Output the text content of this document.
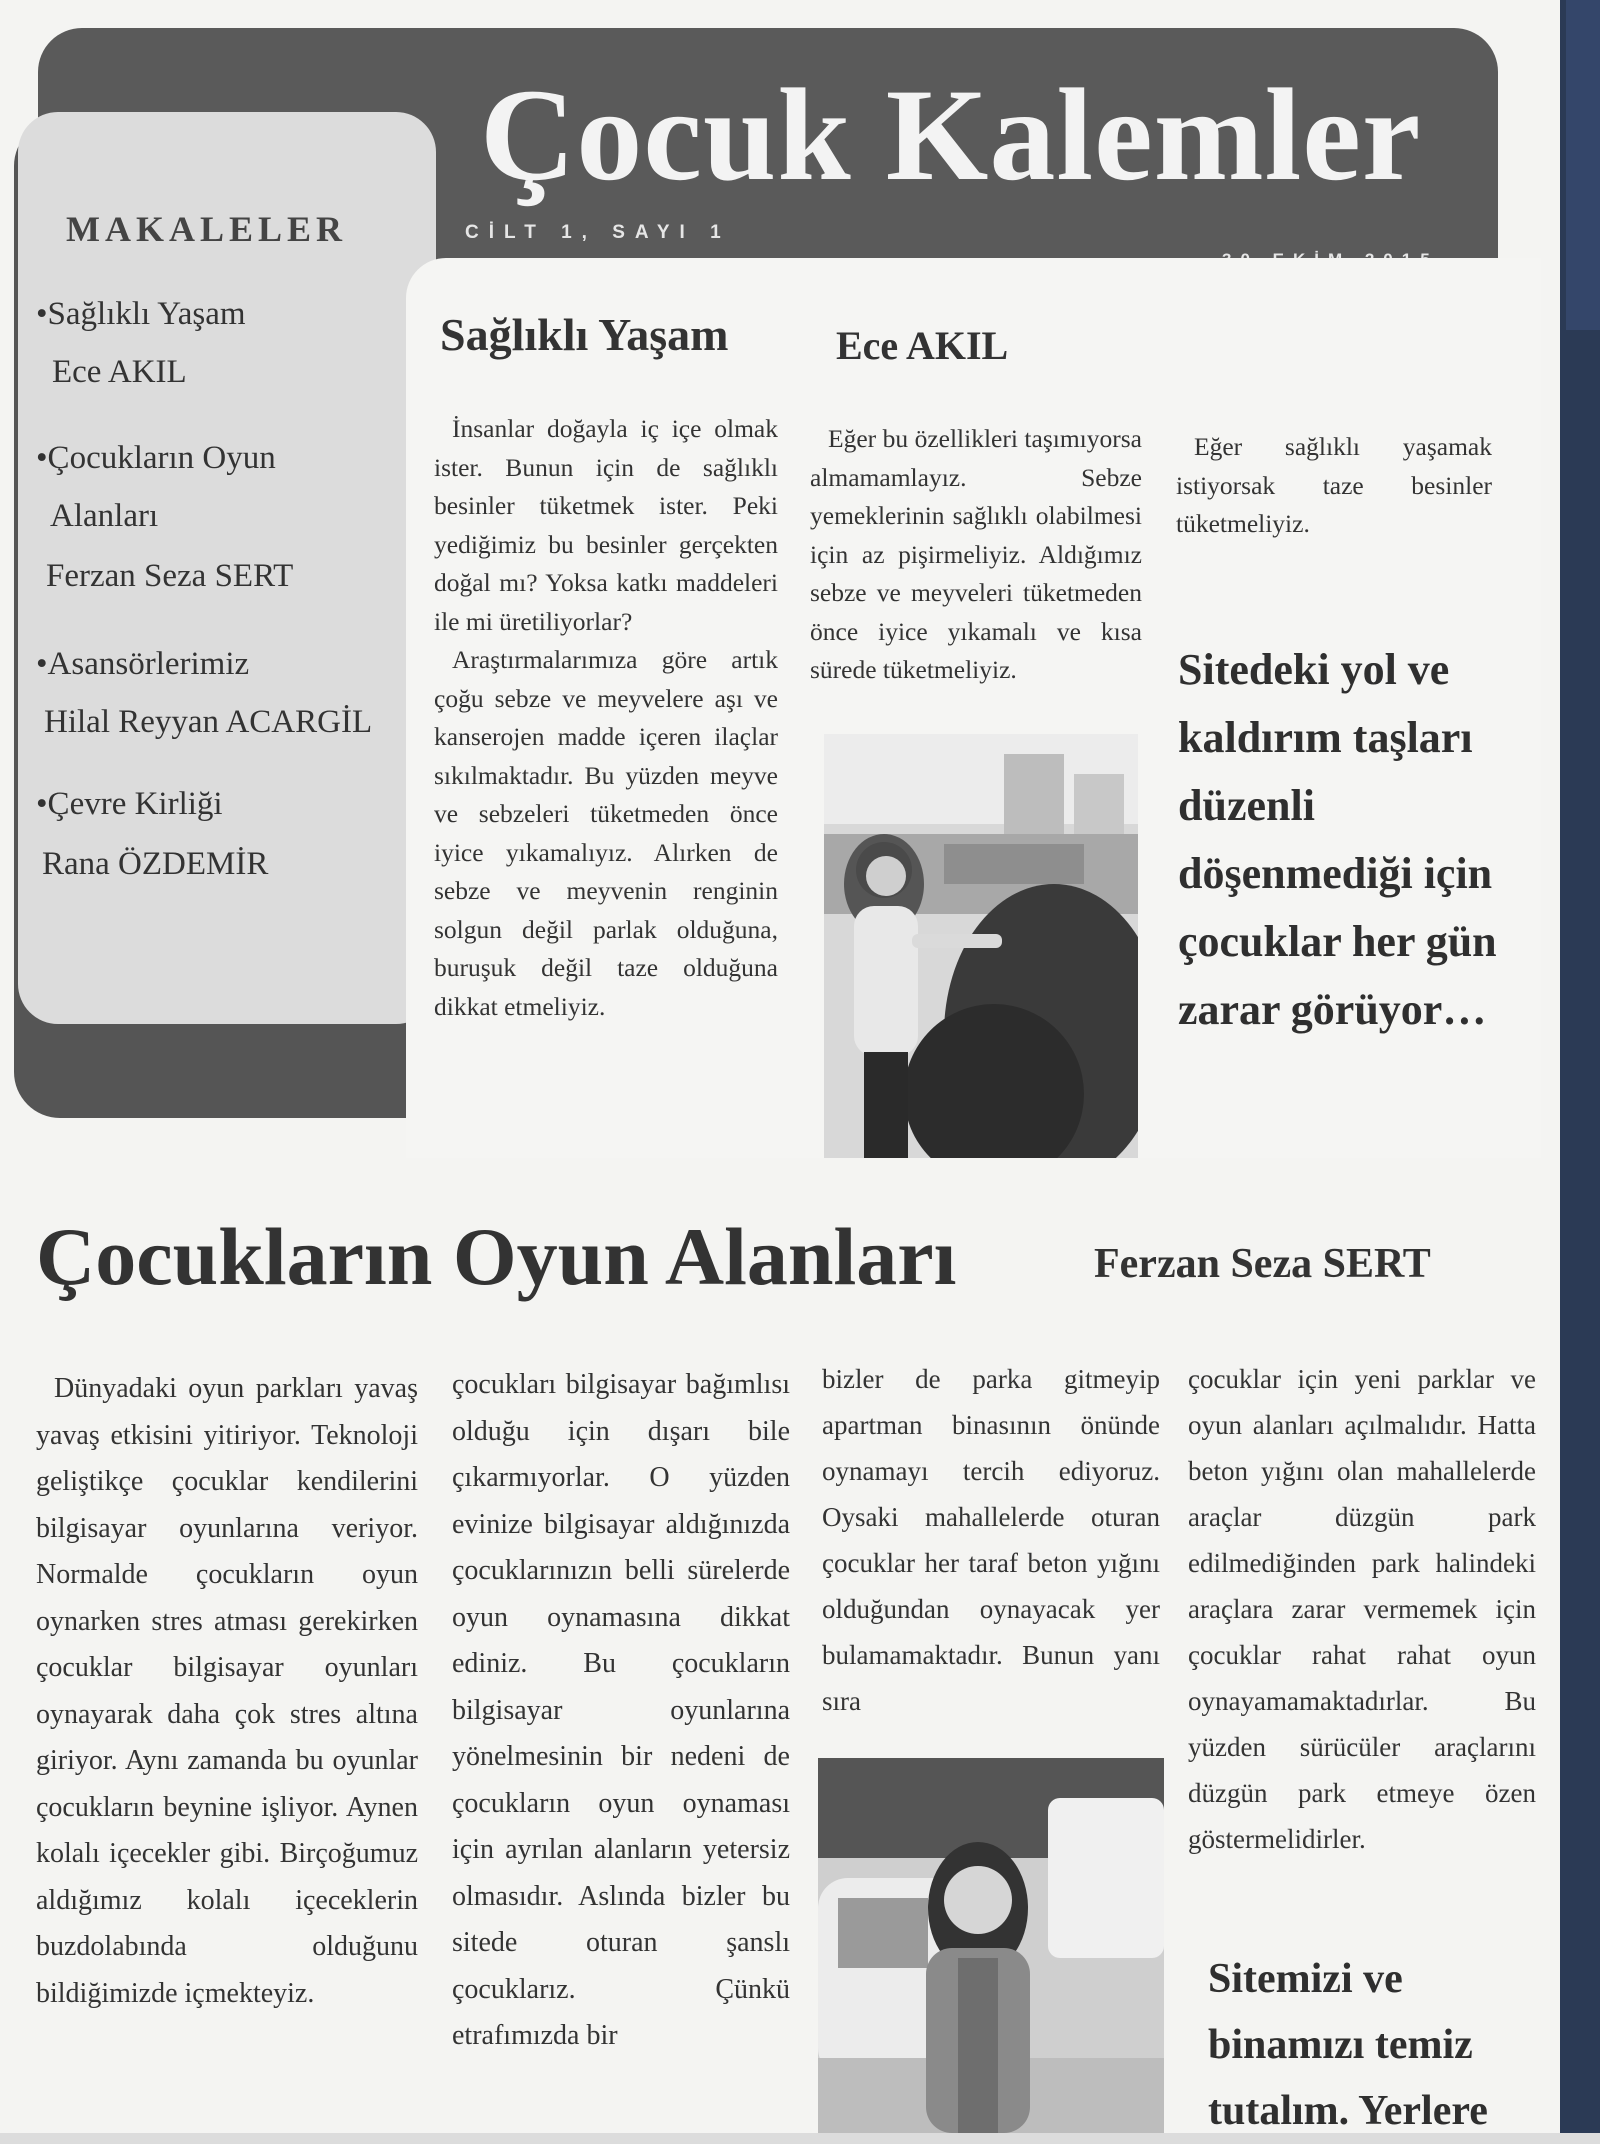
Çocuk Kalemler
CİLT 1, SAYI 1
MAKALELER
•Sağlıklı Yaşam
Ece AKIL
•Çocukların Oyun
Alanları
Ferzan Seza SERT
•Asansörlerimiz
Hilal Reyyan ACARGİL
•Çevre Kirliği
Rana ÖZDEMİR
Sağlıklı Yaşam	Ece AKIL

İnsanlar doğayla iç içe olmak ister. Bunun için de sağlıklı besinler tüketmek ister. Peki yediğimiz bu besinler gerçekten doğal mı? Yoksa katkı maddeleri ile mi üretiliyorlar?

Araştırmalarımıza göre artık çoğu sebze ve meyvelere aşı ve kanserojen madde içeren ilaçlar sıkılmaktadır. Bu yüzden meyve ve sebzeleri tüketmeden önce iyice yıkamalıyız. Alırken de sebze ve meyvenin renginin solgun değil parlak olduğuna, buruşuk değil taze olduğuna dikkat etmeliyiz.

Eğer bu özellikleri taşımıyorsa almamamlayız. Sebze yemeklerinin sağlıklı olabilmesi için az pişirmeliyiz. Aldığımız sebze ve meyveleri tüketmeden önce iyice yıkamalı ve kısa sürede tüketmeliyiz.

Eğer sağlıklı yaşamak istiyorsak taze besinler tüketmeliyiz.

Sitedeki yol ve kaldırım taşları düzenli döşenmediği için çocuklar her gün zarar görüyor…
Çocukların Oyun Alanları	Ferzan Seza SERT

Dünyadaki oyun parkları yavaş yavaş etkisini yitiriyor. Teknoloji geliştikçe çocuklar kendilerini bilgisayar oyunlarına veriyor. Normalde çocukların oyun oynarken stres atması gerekirken çocuklar bilgisayar oyunları oynayarak daha çok stres altına giriyor. Aynı zamanda bu oyunlar çocukların beynine işliyor. Aynen kolalı içecekler gibi. Birçoğumuz aldığımız kolalı içeceklerin buzdolabında olduğunu bildiğimizde içmekteyiz.

çocukları bilgisayar bağımlısı olduğu için dışarı bile çıkarmıyorlar. O yüzden evinize bilgisayar aldığınızda çocuklarınızın belli sürelerde oyun oynamasına dikkat ediniz. Bu çocukların bilgisayar oyunlarına yönelmesinin bir nedeni de çocukların oyun oynaması için ayrılan alanların yetersiz olmasıdır. Aslında bizler bu sitede oturan şanslı çocuklarız. Çünkü etrafımızda bir

bizler de parka gitmeyip apartman binasının önünde oynamayı tercih ediyoruz. Oysaki mahallelerde oturan çocuklar her taraf beton yığını olduğundan oynayacak yer bulamamaktadır. Bunun yanı sıra

çocuklar için yeni parklar ve oyun alanları açılmalıdır. Hatta beton yığını olan mahallelerde araçlar düzgün park edilmediğinden park halindeki araçlara zarar vermemek için çocuklar rahat rahat oyun oynayamamaktadırlar. Bu yüzden sürücüler araçlarını düzgün park etmeye özen göstermelidirler.

Sitemizi ve binamızı temiz tutalım. Yerlere
